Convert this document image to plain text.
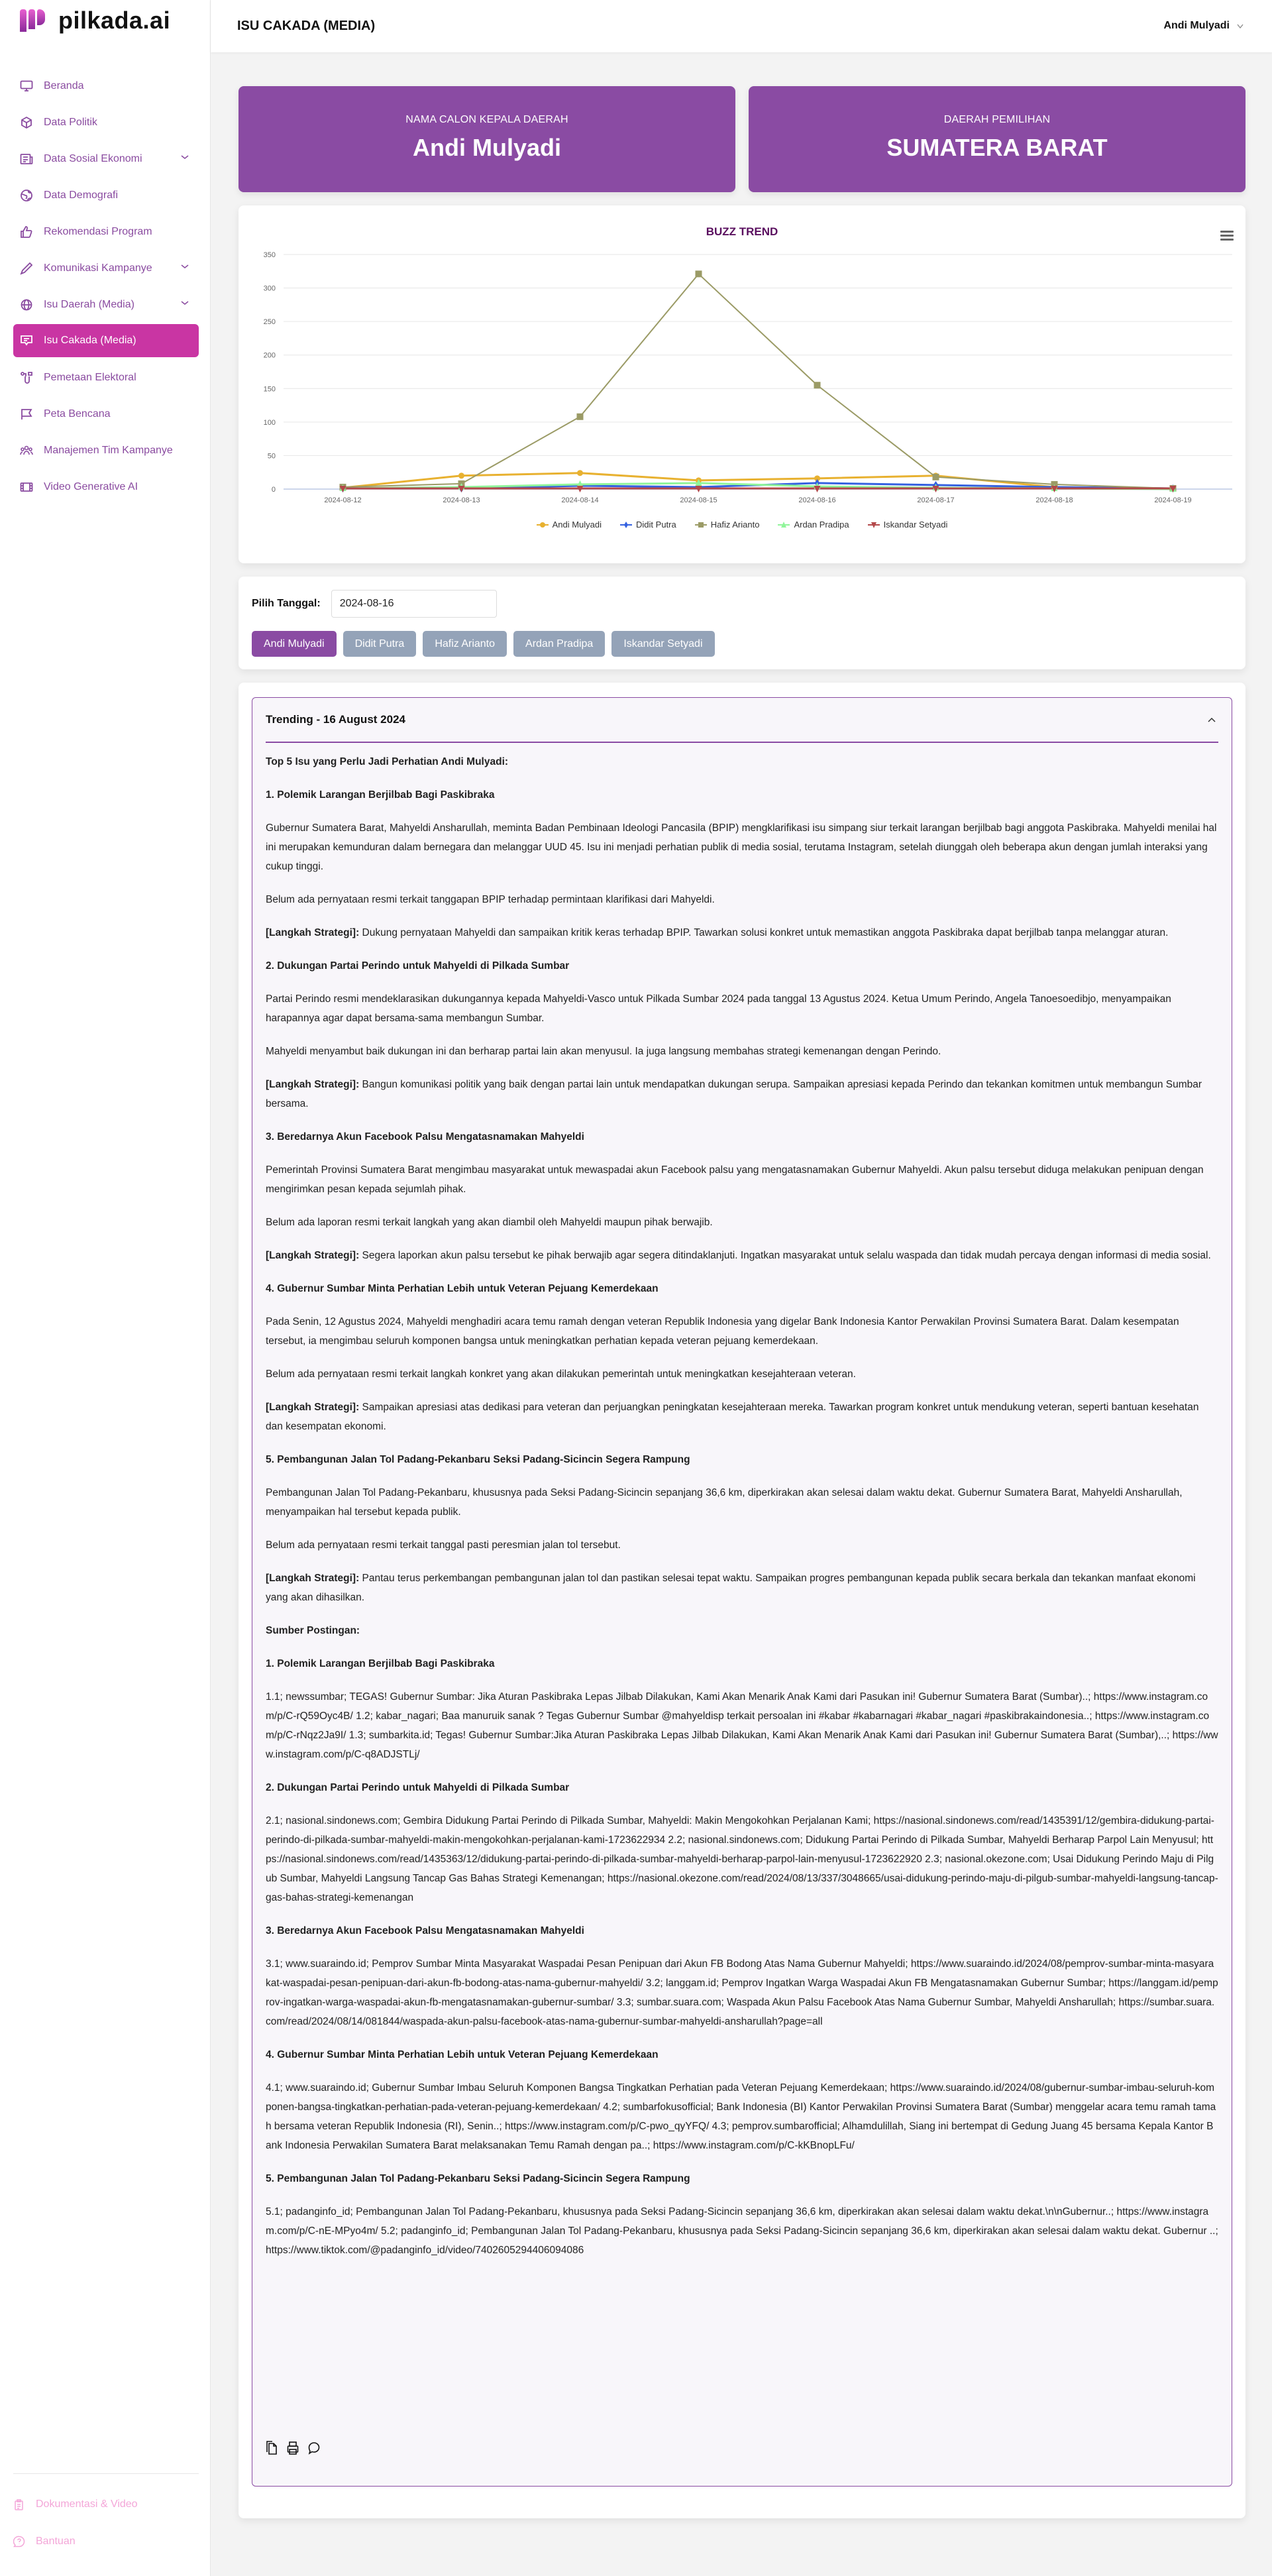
pilkada.ai
Beranda
Data Politik
Data Sosial Ekonomi
Data Demografi
Rekomendasi Program
Komunikasi Kampanye
Isu Daerah (Media)
Isu Cakada (Media)
Pemetaan Elektoral
Peta Bencana
Manajemen Tim Kampanye
Video Generative AI
Dokumentasi & Video
Bantuan
ISU CAKADA (MEDIA)	Andi Mulyadi
NAMA CALON KEPALA DAERAH
Andi Mulyadi
DAERAH PEMILIHAN
SUMATERA BARAT
BUZZ TREND
0
50
100
150
200
250
300
350
2024-08-12	2024-08-13	2024-08-14	2024-08-15	2024-08-16	2024-08-17	2024-08-18	2024-08-19
Andi Mulyadi	Didit Putra	Hafiz Arianto	Ardan Pradipa	Iskandar Setyadi
Pilih Tanggal:
2024-08-16
Andi Mulyadi	Didit Putra	Hafiz Arianto	Ardan Pradipa	Iskandar Setyadi
Trending - 16 August 2024

Top 5 Isu yang Perlu Jadi Perhatian Andi Mulyadi:

1. Polemik Larangan Berjilbab Bagi Paskibraka

Gubernur Sumatera Barat, Mahyeldi Ansharullah, meminta Badan Pembinaan Ideologi Pancasila (BPIP) mengklarifikasi isu simpang siur terkait larangan berjilbab bagi anggota Paskibraka. Mahyeldi menilai hal ini merupakan kemunduran dalam bernegara dan melanggar UUD 45. Isu ini menjadi perhatian publik di media sosial, terutama Instagram, setelah diunggah oleh beberapa akun dengan jumlah interaksi yang cukup tinggi.

Belum ada pernyataan resmi terkait tanggapan BPIP terhadap permintaan klarifikasi dari Mahyeldi.

[Langkah Strategi]: Dukung pernyataan Mahyeldi dan sampaikan kritik keras terhadap BPIP. Tawarkan solusi konkret untuk memastikan anggota Paskibraka dapat berjilbab tanpa melanggar aturan.

2. Dukungan Partai Perindo untuk Mahyeldi di Pilkada Sumbar

Partai Perindo resmi mendeklarasikan dukungannya kepada Mahyeldi-Vasco untuk Pilkada Sumbar 2024 pada tanggal 13 Agustus 2024. Ketua Umum Perindo, Angela Tanoesoedibjo, menyampaikan harapannya agar dapat bersama-sama membangun Sumbar.

Mahyeldi menyambut baik dukungan ini dan berharap partai lain akan menyusul. Ia juga langsung membahas strategi kemenangan dengan Perindo.

[Langkah Strategi]: Bangun komunikasi politik yang baik dengan partai lain untuk mendapatkan dukungan serupa. Sampaikan apresiasi kepada Perindo dan tekankan komitmen untuk membangun Sumbar bersama.

3. Beredarnya Akun Facebook Palsu Mengatasnamakan Mahyeldi

Pemerintah Provinsi Sumatera Barat mengimbau masyarakat untuk mewaspadai akun Facebook palsu yang mengatasnamakan Gubernur Mahyeldi. Akun palsu tersebut diduga melakukan penipuan dengan mengirimkan pesan kepada sejumlah pihak.

Belum ada laporan resmi terkait langkah yang akan diambil oleh Mahyeldi maupun pihak berwajib.

[Langkah Strategi]: Segera laporkan akun palsu tersebut ke pihak berwajib agar segera ditindaklanjuti. Ingatkan masyarakat untuk selalu waspada dan tidak mudah percaya dengan informasi di media sosial.

4. Gubernur Sumbar Minta Perhatian Lebih untuk Veteran Pejuang Kemerdekaan

Pada Senin, 12 Agustus 2024, Mahyeldi menghadiri acara temu ramah dengan veteran Republik Indonesia yang digelar Bank Indonesia Kantor Perwakilan Provinsi Sumatera Barat. Dalam kesempatan tersebut, ia mengimbau seluruh komponen bangsa untuk meningkatkan perhatian kepada veteran pejuang kemerdekaan.

Belum ada pernyataan resmi terkait langkah konkret yang akan dilakukan pemerintah untuk meningkatkan kesejahteraan veteran.

[Langkah Strategi]: Sampaikan apresiasi atas dedikasi para veteran dan perjuangkan peningkatan kesejahteraan mereka. Tawarkan program konkret untuk mendukung veteran, seperti bantuan kesehatan dan kesempatan ekonomi.

5. Pembangunan Jalan Tol Padang-Pekanbaru Seksi Padang-Sicincin Segera Rampung

Pembangunan Jalan Tol Padang-Pekanbaru, khususnya pada Seksi Padang-Sicincin sepanjang 36,6 km, diperkirakan akan selesai dalam waktu dekat. Gubernur Sumatera Barat, Mahyeldi Ansharullah, menyampaikan hal tersebut kepada publik.

Belum ada pernyataan resmi terkait tanggal pasti peresmian jalan tol tersebut.

[Langkah Strategi]: Pantau terus perkembangan pembangunan jalan tol dan pastikan selesai tepat waktu. Sampaikan progres pembangunan kepada publik secara berkala dan tekankan manfaat ekonomi yang akan dihasilkan.

Sumber Postingan:

1. Polemik Larangan Berjilbab Bagi Paskibraka

1.1; newssumbar; TEGAS! Gubernur Sumbar: Jika Aturan Paskibraka Lepas Jilbab Dilakukan, Kami Akan Menarik Anak Kami dari Pasukan ini! Gubernur Sumatera Barat (Sumbar)..; https://www.instagram.com/p/C-rQ59Oyc4B/ 1.2; kabar_nagari; Baa manuruik sanak ? Tegas Gubernur Sumbar @mahyeldisp terkait persoalan ini #kabar #kabarnagari #kabar_nagari #paskibrakaindonesia..; https://www.instagram.com/p/C-rNqz2Ja9I/ 1.3; sumbarkita.id; Tegas! Gubernur Sumbar:Jika Aturan Paskibraka Lepas Jilbab Dilakukan, Kami Akan Menarik Anak Kami dari Pasukan ini! Gubernur Sumatera Barat (Sumbar),..; https://www.instagram.com/p/C-q8ADJSTLj/

2. Dukungan Partai Perindo untuk Mahyeldi di Pilkada Sumbar

2.1; nasional.sindonews.com; Gembira Didukung Partai Perindo di Pilkada Sumbar, Mahyeldi: Makin Mengokohkan Perjalanan Kami; https://nasional.sindonews.com/read/1435391/12/gembira-didukung-partai-perindo-di-pilkada-sumbar-mahyeldi-makin-mengokohkan-perjalanan-kami-1723622934 2.2; nasional.sindonews.com; Didukung Partai Perindo di Pilkada Sumbar, Mahyeldi Berharap Parpol Lain Menyusul; https://nasional.sindonews.com/read/1435363/12/didukung-partai-perindo-di-pilkada-sumbar-mahyeldi-berharap-parpol-lain-menyusul-1723622920 2.3; nasional.okezone.com; Usai Didukung Perindo Maju di Pilgub Sumbar, Mahyeldi Langsung Tancap Gas Bahas Strategi Kemenangan; https://nasional.okezone.com/read/2024/08/13/337/3048665/usai-didukung-perindo-maju-di-pilgub-sumbar-mahyeldi-langsung-tancap-gas-bahas-strategi-kemenangan

3. Beredarnya Akun Facebook Palsu Mengatasnamakan Mahyeldi

3.1; www.suaraindo.id; Pemprov Sumbar Minta Masyarakat Waspadai Pesan Penipuan dari Akun FB Bodong Atas Nama Gubernur Mahyeldi; https://www.suaraindo.id/2024/08/pemprov-sumbar-minta-masyarakat-waspadai-pesan-penipuan-dari-akun-fb-bodong-atas-nama-gubernur-mahyeldi/ 3.2; langgam.id; Pemprov Ingatkan Warga Waspadai Akun FB Mengatasnamakan Gubernur Sumbar; https://langgam.id/pemprov-ingatkan-warga-waspadai-akun-fb-mengatasnamakan-gubernur-sumbar/ 3.3; sumbar.suara.com; Waspada Akun Palsu Facebook Atas Nama Gubernur Sumbar, Mahyeldi Ansharullah; https://sumbar.suara.com/read/2024/08/14/081844/waspada-akun-palsu-facebook-atas-nama-gubernur-sumbar-mahyeldi-ansharullah?page=all

4. Gubernur Sumbar Minta Perhatian Lebih untuk Veteran Pejuang Kemerdekaan

4.1; www.suaraindo.id; Gubernur Sumbar Imbau Seluruh Komponen Bangsa Tingkatkan Perhatian pada Veteran Pejuang Kemerdekaan; https://www.suaraindo.id/2024/08/gubernur-sumbar-imbau-seluruh-komponen-bangsa-tingkatkan-perhatian-pada-veteran-pejuang-kemerdekaan/ 4.2; sumbarfokusofficial; Bank Indonesia (BI) Kantor Perwakilan Provinsi Sumatera Barat (Sumbar) menggelar acara temu ramah tamah bersama veteran Republik Indonesia (RI), Senin..; https://www.instagram.com/p/C-pwo_qyYFQ/ 4.3; pemprov.sumbarofficial; Alhamdulillah, Siang ini bertempat di Gedung Juang 45 bersama Kepala Kantor Bank Indonesia Perwakilan Sumatera Barat melaksanakan Temu Ramah dengan pa..; https://www.instagram.com/p/C-kKBnopLFu/

5. Pembangunan Jalan Tol Padang-Pekanbaru Seksi Padang-Sicincin Segera Rampung

5.1; padanginfo_id; Pembangunan Jalan Tol Padang-Pekanbaru, khususnya pada Seksi Padang-Sicincin sepanjang 36,6 km, diperkirakan akan selesai dalam waktu dekat.\n\nGubernur..; https://www.instagram.com/p/C-nE-MPyo4m/ 5.2; padanginfo_id; Pembangunan Jalan Tol Padang-Pekanbaru, khususnya pada Seksi Padang-Sicincin sepanjang 36,6 km, diperkirakan akan selesai dalam waktu dekat. Gubernur ..; https://www.tiktok.com/@padanginfo_id/video/7402605294406094086
